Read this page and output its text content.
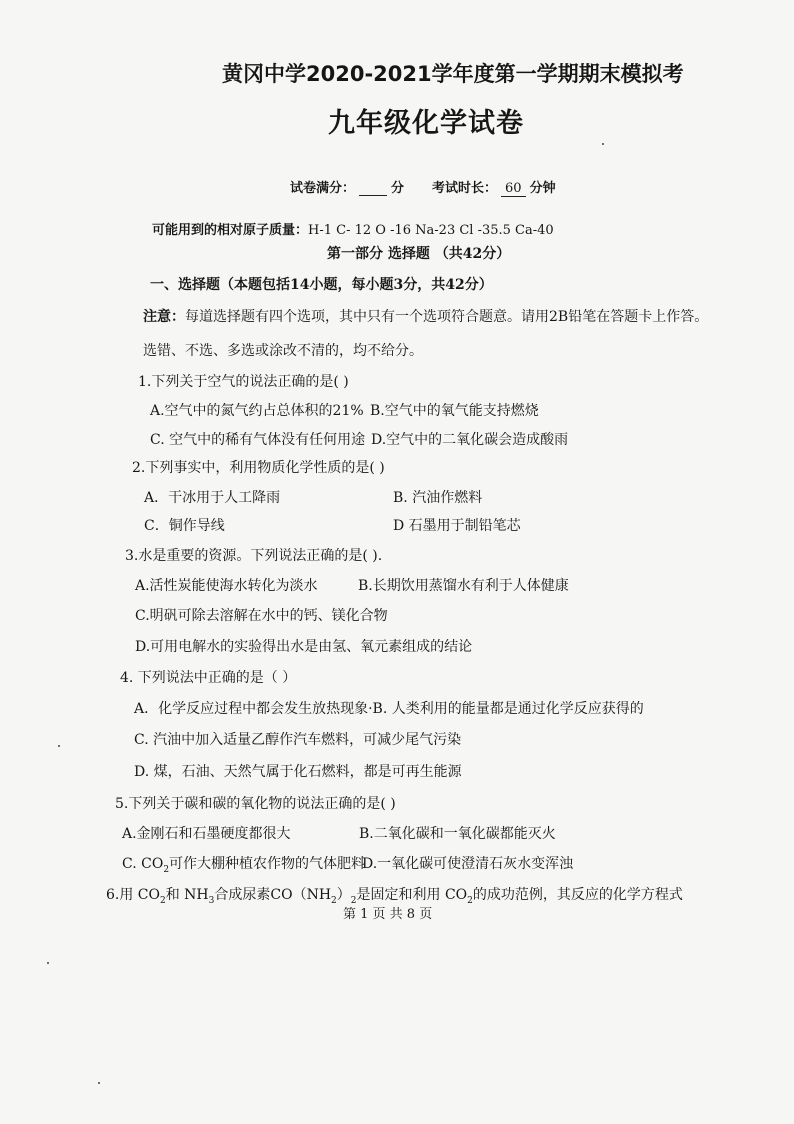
黄冈中学2020-2021学年度第一学期期末模拟考
九年级化学试卷
试卷满分：	分 考试时长： 60 分钟
可能用到的相对原子质量：H-1 C- 12 O -16 Na-23 Cl -35.5 Ca-40
第一部分 选择题 （共42分）
一、选择题（本题包括14小题，每小题3分，共42分）
注意：每道选择题有四个选项，其中只有一个选项符合题意。请用2B铅笔在答题卡上作答。
选错、不选、多选或涂改不清的，均不给分。
1.下列关于空气的说法正确的是( )
A.空气中的氮气约占总体积的21% B.空气中的氧气能支持燃烧
C. 空气中的稀有气体没有任何用途 D.空气中的二氧化碳会造成酸雨
2.下列事实中，利用物质化学性质的是( )
A．干冰用于人工降雨	B. 汽油作燃料
C．铜作导线	D 石墨用于制铅笔芯
3.水是重要的资源。下列说法正确的是( ).
A.活性炭能使海水转化为淡水	B.长期饮用蒸馏水有利于人体健康
C.明矾可除去溶解在水中的钙、镁化合物
D.可用电解水的实验得出水是由氢、氧元素组成的结论
4. 下列说法中正确的是（ ）
A．化学反应过程中都会发生放热现象·B. 人类利用的能量都是通过化学反应获得的
C. 汽油中加入适量乙醇作汽车燃料，可减少尾气污染
D. 煤，石油、天然气属于化石燃料，都是可再生能源
5.下列关于碳和碳的氧化物的说法正确的是( )
A.金刚石和石墨硬度都很大	B.二氧化碳和一氧化碳都能灭火
C. $CO_2$可作大棚种植农作物的气体肥料
D.一氧化碳可使澄清石灰水变浑浊
6.用 $CO_2$和 $NH_3$合成尿素$CO(NH_2)_2$是固定和利用 $CO_2$的成功范例，其反应的化学方程式
第 1 页 共 8 页
